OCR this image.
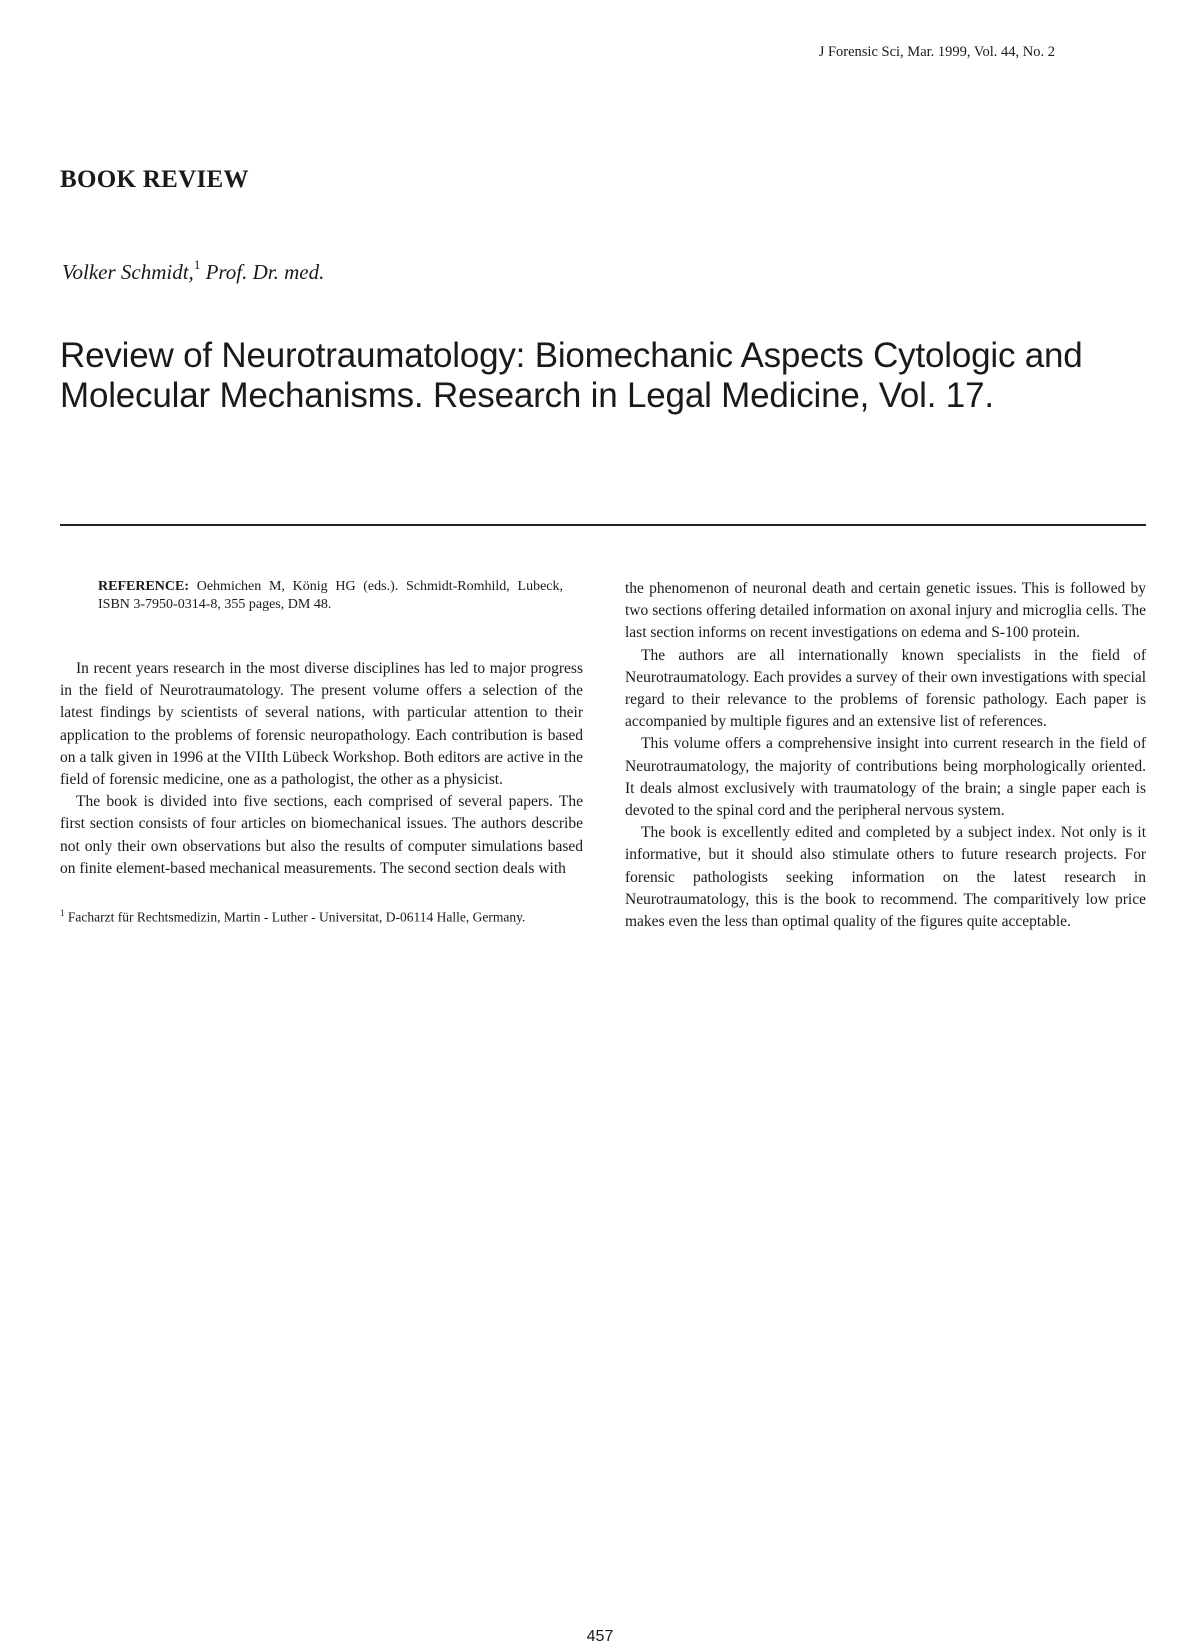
J Forensic Sci, Mar. 1999, Vol. 44, No. 2
BOOK REVIEW
Volker Schmidt,$^1$ Prof. Dr. med.
Review of Neurotraumatology: Biomechanic Aspects Cytologic and Molecular Mechanisms. Research in Legal Medicine, Vol. 17.

REFERENCE: Oehmichen M, König HG (eds.). Schmidt-Romhild, Lubeck, ISBN 3-7950-0314-8, 355 pages, DM 48.

In recent years research in the most diverse disciplines has led to major progress in the field of Neurotraumatology. The present volume offers a selection of the latest findings by scientists of several nations, with particular attention to their application to the problems of forensic neuropathology. Each contribution is based on a talk given in 1996 at the VIIth Lübeck Workshop. Both editors are active in the field of forensic medicine, one as a pathologist, the other as a physicist.

The book is divided into five sections, each comprised of several papers. The first section consists of four articles on biomechanical issues. The authors describe not only their own observations but also the results of computer simulations based on finite element-based mechanical measurements. The second section deals with

$^1$ Facharzt für Rechtsmedizin, Martin - Luther - Universitat, D-06114 Halle, Germany.

the phenomenon of neuronal death and certain genetic issues. This is followed by two sections offering detailed information on axonal injury and microglia cells. The last section informs on recent investigations on edema and S-100 protein.

The authors are all internationally known specialists in the field of Neurotraumatology. Each provides a survey of their own investigations with special regard to their relevance to the problems of forensic pathology. Each paper is accompanied by multiple figures and an extensive list of references.

This volume offers a comprehensive insight into current research in the field of Neurotraumatology, the majority of contributions being morphologically oriented. It deals almost exclusively with traumatology of the brain; a single paper each is devoted to the spinal cord and the peripheral nervous system.

The book is excellently edited and completed by a subject index. Not only is it informative, but it should also stimulate others to future research projects. For forensic pathologists seeking information on the latest research in Neurotraumatology, this is the book to recommend. The comparitively low price makes even the less than optimal quality of the figures quite acceptable.

457
